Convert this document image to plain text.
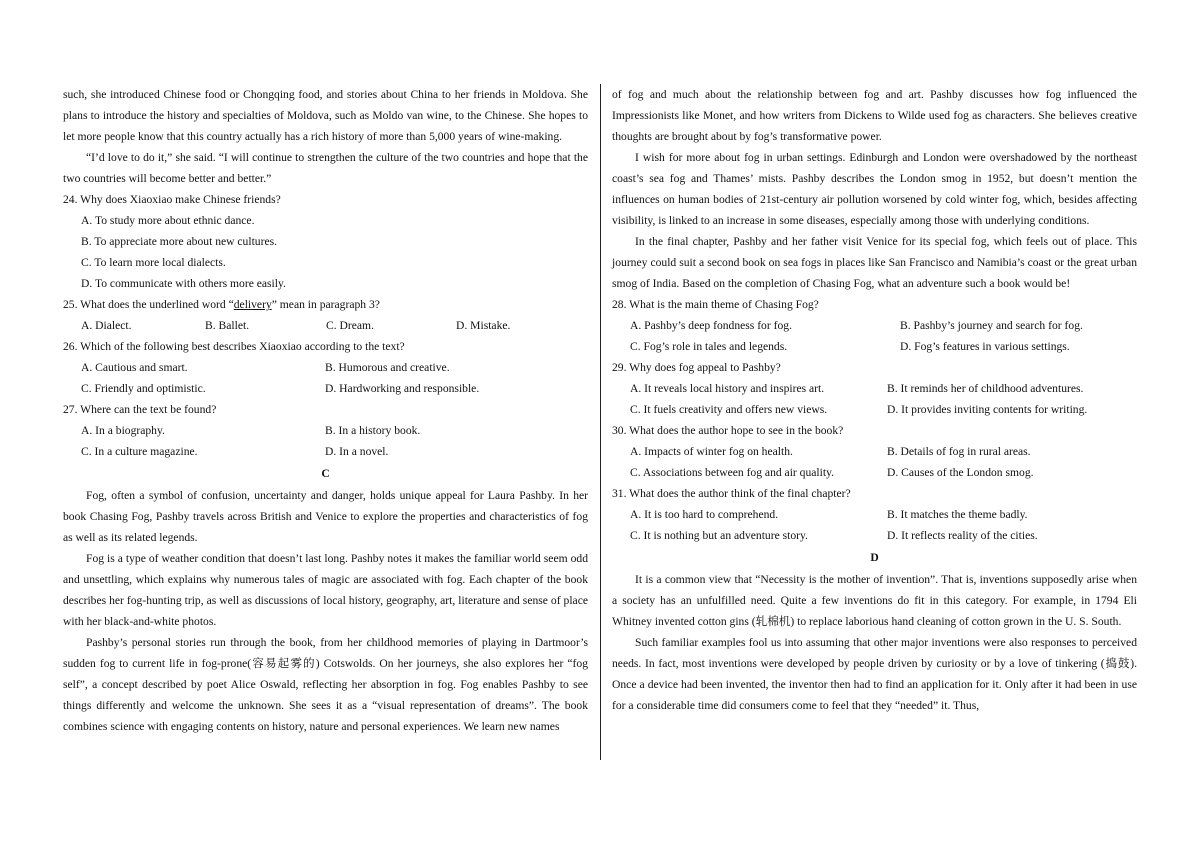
such, she introduced Chinese food or Chongqing food, and stories about China to her friends in Moldova. She plans to introduce the history and specialties of Moldova, such as Moldo van wine, to the Chinese. She hopes to let more people know that this country actually has a rich history of more than 5,000 years of wine-making.

“I’d love to do it,” she said. “I will continue to strengthen the culture of the two countries and hope that the two countries will become better and better.”

24. Why does Xiaoxiao make Chinese friends?
A. To study more about ethnic dance.
B. To appreciate more about new cultures.
C. To learn more local dialects.
D. To communicate with others more easily.
25. What does the underlined word “delivery” mean in paragraph 3?
A. Dialect.	B. Ballet.	C. Dream.	D. Mistake.
26. Which of the following best describes Xiaoxiao according to the text?
A. Cautious and smart.	B. Humorous and creative.
C. Friendly and optimistic.	D. Hardworking and responsible.
27. Where can the text be found?
A. In a biography.	B. In a history book.
C. In a culture magazine.	D. In a novel.
C

Fog, often a symbol of confusion, uncertainty and danger, holds unique appeal for Laura Pashby. In her book Chasing Fog, Pashby travels across British and Venice to explore the properties and characteristics of fog as well as its related legends.

Fog is a type of weather condition that doesn’t last long. Pashby notes it makes the familiar world seem odd and unsettling, which explains why numerous tales of magic are associated with fog. Each chapter of the book describes her fog-hunting trip, as well as discussions of local history, geography, art, literature and sense of place with her black-and-white photos.

Pashby’s personal stories run through the book, from her childhood memories of playing in Dartmoor’s sudden fog to current life in fog-prone(容易起雾的) Cotswolds. On her journeys, she also explores her “fog self”, a concept described by poet Alice Oswald, reflecting her absorption in fog. Fog enables Pashby to see things differently and welcome the unknown. She sees it as a “visual representation of dreams”. The book combines science with engaging contents on history, nature and personal experiences. We learn new names

of fog and much about the relationship between fog and art. Pashby discusses how fog influenced the Impressionists like Monet, and how writers from Dickens to Wilde used fog as characters. She believes creative thoughts are brought about by fog’s transformative power.

I wish for more about fog in urban settings. Edinburgh and London were overshadowed by the northeast coast’s sea fog and Thames’ mists. Pashby describes the London smog in 1952, but doesn’t mention the influences on human bodies of 21st-century air pollution worsened by cold winter fog, which, besides affecting visibility, is linked to an increase in some diseases, especially among those with underlying conditions.

In the final chapter, Pashby and her father visit Venice for its special fog, which feels out of place. This journey could suit a second book on sea fogs in places like San Francisco and Namibia’s coast or the great urban smog of India. Based on the completion of Chasing Fog, what an adventure such a book would be!

28. What is the main theme of Chasing Fog?
A. Pashby’s deep fondness for fog.	B. Pashby’s journey and search for fog.
C. Fog’s role in tales and legends.	D. Fog’s features in various settings.
29. Why does fog appeal to Pashby?
A. It reveals local history and inspires art.	B. It reminds her of childhood adventures.
C. It fuels creativity and offers new views.	D. It provides inviting contents for writing.
30. What does the author hope to see in the book?
A. Impacts of winter fog on health.	B. Details of fog in rural areas.
C. Associations between fog and air quality.	D. Causes of the London smog.
31. What does the author think of the final chapter?
A. It is too hard to comprehend.	B. It matches the theme badly.
C. It is nothing but an adventure story.	D. It reflects reality of the cities.
D

It is a common view that “Necessity is the mother of invention”. That is, inventions supposedly arise when a society has an unfulfilled need. Quite a few inventions do fit in this category. For example, in 1794 Eli Whitney invented cotton gins (轧棉机) to replace laborious hand cleaning of cotton grown in the U. S. South.

Such familiar examples fool us into assuming that other major inventions were also responses to perceived needs. In fact, most inventions were developed by people driven by curiosity or by a love of tinkering (捣鼓). Once a device had been invented, the inventor then had to find an application for it. Only after it had been in use for a considerable time did consumers come to feel that they “needed” it. Thus,
